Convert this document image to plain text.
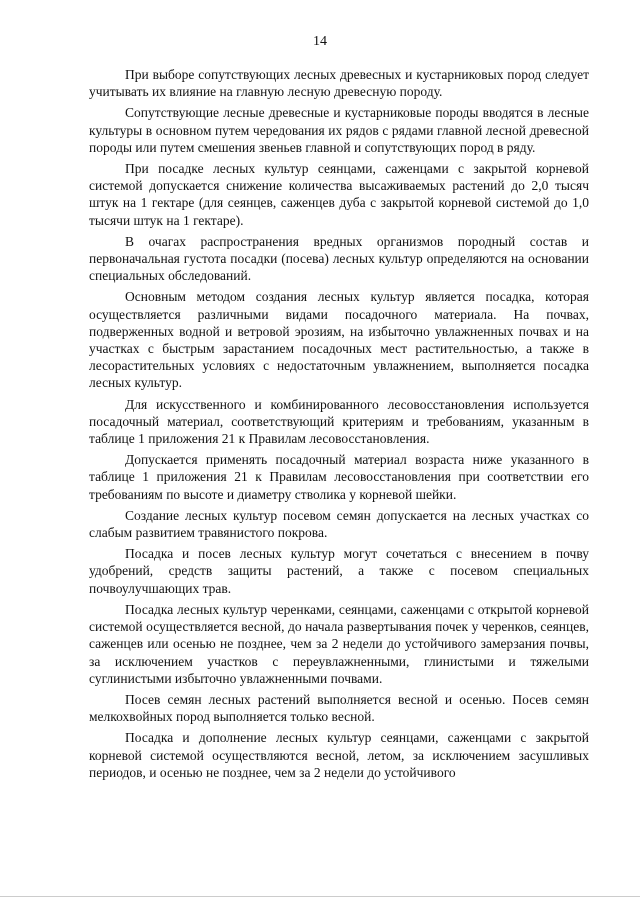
14

При выборе сопутствующих лесных древесных и кустарниковых пород следует учитывать их влияние на главную лесную древесную породу.

Сопутствующие лесные древесные и кустарниковые породы вводятся в лесные культуры в основном путем чередования их рядов с рядами главной лесной древесной породы или путем смешения звеньев главной и сопутствующих пород в ряду.

При посадке лесных культур сеянцами, саженцами с закрытой корневой системой допускается снижение количества высаживаемых растений до 2,0 тысяч штук на 1 гектаре (для сеянцев, саженцев дуба с закрытой корневой системой до 1,0 тысячи штук на 1 гектаре).

В очагах распространения вредных организмов породный состав и первоначальная густота посадки (посева) лесных культур определяются на основании специальных обследований.

Основным методом создания лесных культур является посадка, которая осуществляется различными видами посадочного материала. На почвах, подверженных водной и ветровой эрозиям, на избыточно увлажненных почвах и на участках с быстрым зарастанием посадочных мест растительностью, а также в лесорастительных условиях с недостаточным увлажнением, выполняется посадка лесных культур.

Для искусственного и комбинированного лесовосстановления используется посадочный материал, соответствующий критериям и требованиям, указанным в таблице 1 приложения 21 к Правилам лесовосстановления.

Допускается применять посадочный материал возраста ниже указанного в таблице 1 приложения 21 к Правилам лесовосстановления при соответствии его требованиям по высоте и диаметру стволика у корневой шейки.

Создание лесных культур посевом семян допускается на лесных участках со слабым развитием травянистого покрова.

Посадка и посев лесных культур могут сочетаться с внесением в почву удобрений, средств защиты растений, а также с посевом специальных почвоулучшающих трав.

Посадка лесных культур черенками, сеянцами, саженцами с открытой корневой системой осуществляется весной, до начала развертывания почек у черенков, сеянцев, саженцев или осенью не позднее, чем за 2 недели до устойчивого замерзания почвы, за исключением участков с переувлажненными, глинистыми и тяжелыми суглинистыми избыточно увлажненными почвами.

Посев семян лесных растений выполняется весной и осенью. Посев семян мелкохвойных пород выполняется только весной.

Посадка и дополнение лесных культур сеянцами, саженцами с закрытой корневой системой осуществляются весной, летом, за исключением засушливых периодов, и осенью не позднее, чем за 2 недели до устойчивого
